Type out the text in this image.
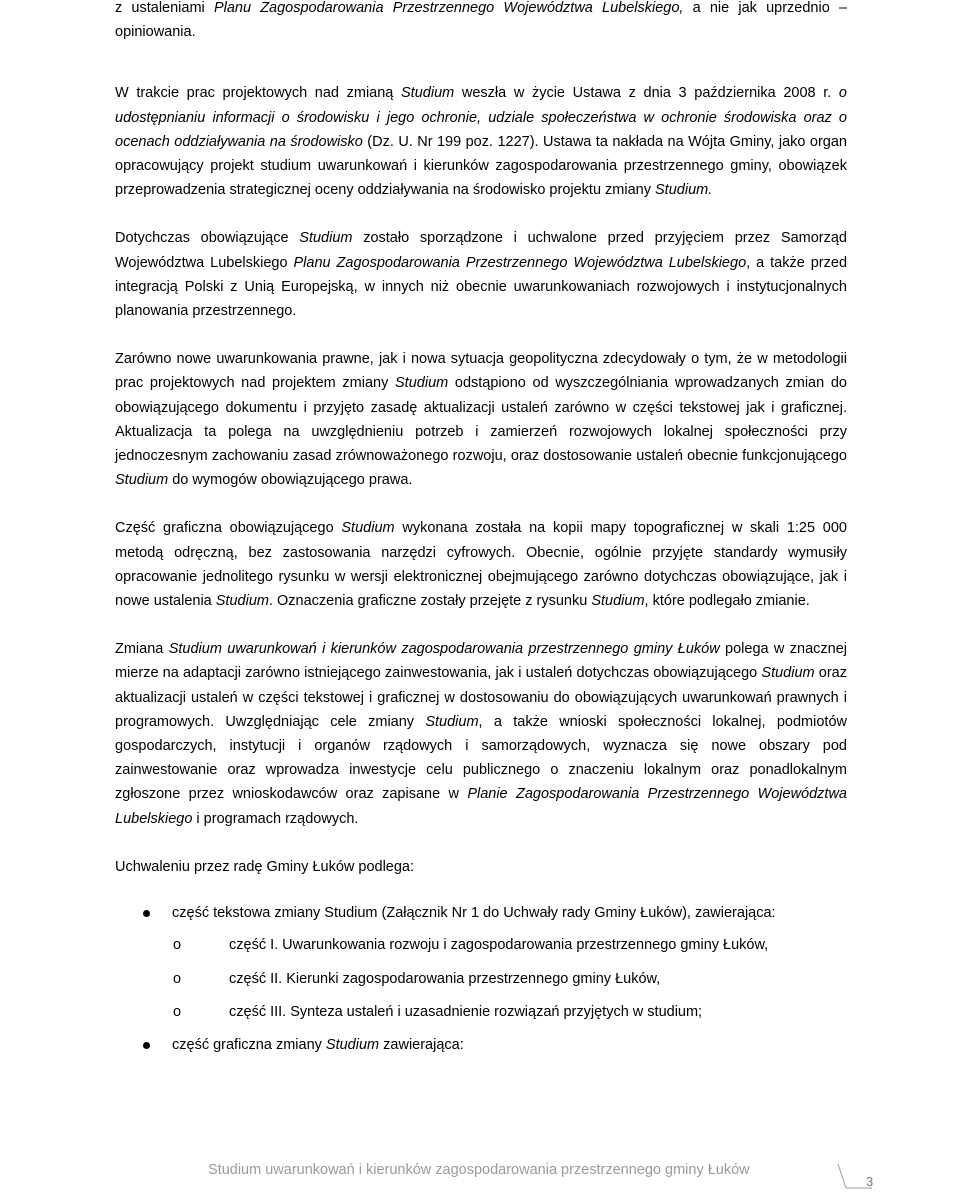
z ustaleniami Planu Zagospodarowania Przestrzennego Województwa Lubelskiego, a nie jak uprzednio – opiniowania.

W trakcie prac projektowych nad zmianą Studium weszła w życie Ustawa z dnia 3 października 2008 r. o udostępnianiu informacji o środowisku i jego ochronie, udziale społeczeństwa w ochronie środowiska oraz o ocenach oddziaływania na środowisko (Dz. U. Nr 199 poz. 1227). Ustawa ta nakłada na Wójta Gminy, jako organ opracowujący projekt studium uwarunkowań i kierunków zagospodarowania przestrzennego gminy, obowiązek przeprowadzenia strategicznej oceny oddziaływania na środowisko projektu zmiany Studium.

Dotychczas obowiązujące Studium zostało sporządzone i uchwalone przed przyjęciem przez Samorząd Województwa Lubelskiego Planu Zagospodarowania Przestrzennego Województwa Lubelskiego, a także przed integracją Polski z Unią Europejską, w innych niż obecnie uwarunkowaniach rozwojowych i instytucjonalnych planowania przestrzennego.

Zarówno nowe uwarunkowania prawne, jak i nowa sytuacja geopolityczna zdecydowały o tym, że w metodologii prac projektowych nad projektem zmiany Studium odstąpiono od wyszczególniania wprowadzanych zmian do obowiązującego dokumentu i przyjęto zasadę aktualizacji ustaleń zarówno w części tekstowej jak i graficznej. Aktualizacja ta polega na uwzględnieniu potrzeb i zamierzeń rozwojowych lokalnej społeczności przy jednoczesnym zachowaniu zasad zrównoważonego rozwoju, oraz dostosowanie ustaleń obecnie funkcjonującego Studium do wymogów obowiązującego prawa.

Część graficzna obowiązującego Studium wykonana została na kopii mapy topograficznej w skali 1:25 000 metodą odręczną, bez zastosowania narzędzi cyfrowych. Obecnie, ogólnie przyjęte standardy wymusiły opracowanie jednolitego rysunku w wersji elektronicznej obejmującego zarówno dotychczas obowiązujące, jak i nowe ustalenia Studium. Oznaczenia graficzne zostały przejęte z rysunku Studium, które podlegało zmianie.

Zmiana Studium uwarunkowań i kierunków zagospodarowania przestrzennego gminy Łuków polega w znacznej mierze na adaptacji zarówno istniejącego zainwestowania, jak i ustaleń dotychczas obowiązującego Studium oraz aktualizacji ustaleń w części tekstowej i graficznej w dostosowaniu do obowiązujących uwarunkowań prawnych i programowych. Uwzględniając cele zmiany Studium, a także wnioski społeczności lokalnej, podmiotów gospodarczych, instytucji i organów rządowych i samorządowych, wyznacza się nowe obszary pod zainwestowanie oraz wprowadza inwestycje celu publicznego o znaczeniu lokalnym oraz ponadlokalnym zgłoszone przez wnioskodawców oraz zapisane w Planie Zagospodarowania Przestrzennego Województwa Lubelskiego i programach rządowych.

Uchwaleniu przez radę Gminy Łuków podlega:

część tekstowa zmiany Studium (Załącznik Nr 1 do Uchwały rady Gminy Łuków), zawierająca:
o	część I. Uwarunkowania rozwoju i zagospodarowania przestrzennego gminy Łuków,
o	część II. Kierunki zagospodarowania przestrzennego gminy Łuków,
o	część III. Synteza ustaleń i uzasadnienie rozwiązań przyjętych w studium;
część graficzna zmiany Studium zawierająca:
Studium uwarunkowań i kierunków zagospodarowania przestrzennego gminy Łuków
3
